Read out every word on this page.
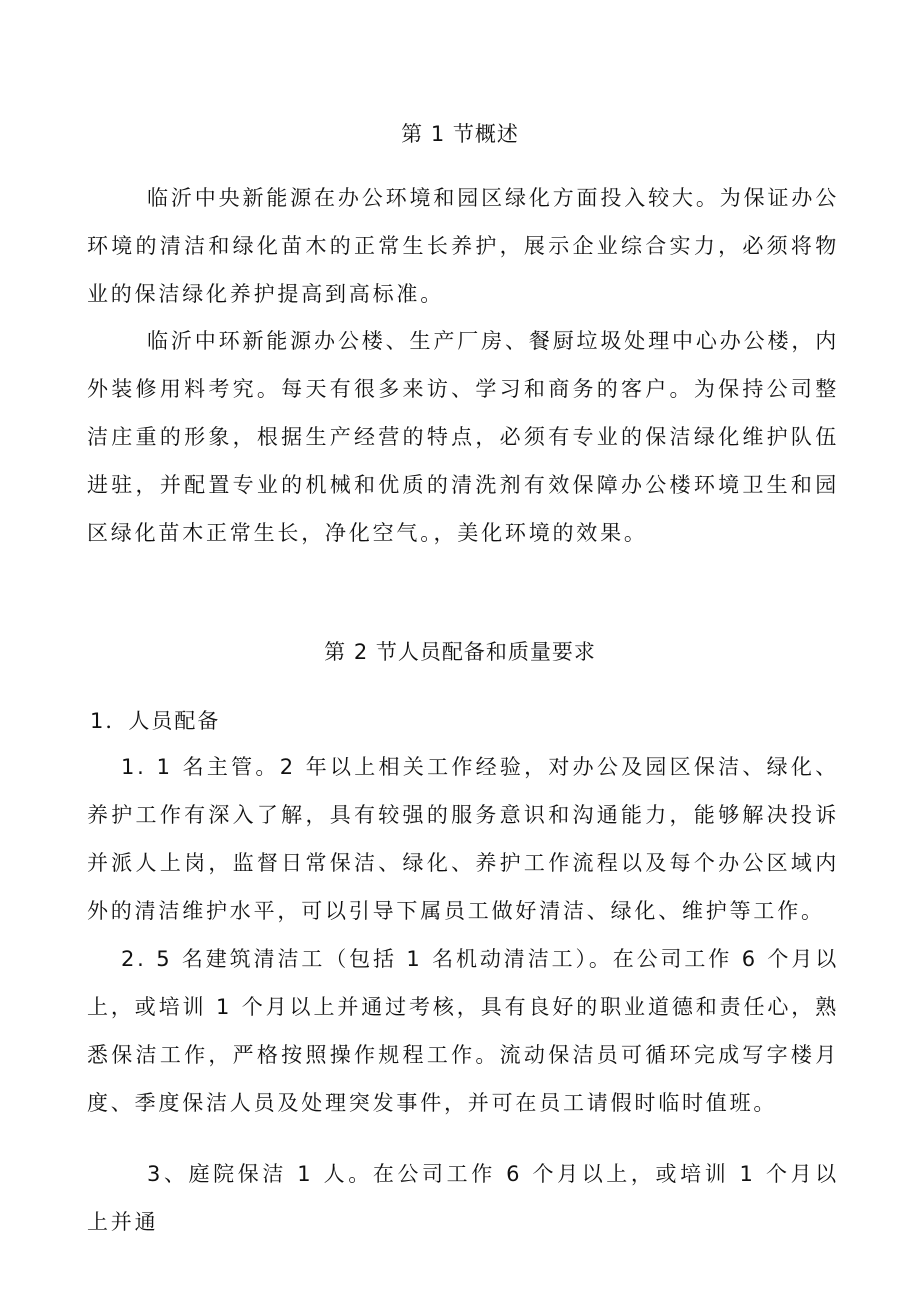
第 1 节概述

临沂中央新能源在办公环境和园区绿化方面投入较大。为保证办公环境的清洁和绿化苗木的正常生长养护，展示企业综合实力，必须将物业的保洁绿化养护提高到高标准。

临沂中环新能源办公楼、生产厂房、餐厨垃圾处理中心办公楼，内外装修用料考究。每天有很多来访、学习和商务的客户。为保持公司整洁庄重的形象，根据生产经营的特点，必须有专业的保洁绿化维护队伍进驻，并配置专业的机械和优质的清洗剂有效保障办公楼环境卫生和园区绿化苗木正常生长，净化空气。，美化环境的效果。

第 2 节人员配备和质量要求

1．人员配备

1. 1 名主管。2 年以上相关工作经验，对办公及园区保洁、绿化、养护工作有深入了解，具有较强的服务意识和沟通能力，能够解决投诉并派人上岗，监督日常保洁、绿化、养护工作流程以及每个办公区域内外的清洁维护水平，可以引导下属员工做好清洁、绿化、维护等工作。

2. 5 名建筑清洁工（包括 1 名机动清洁工）。在公司工作 6 个月以上，或培训 1 个月以上并通过考核，具有良好的职业道德和责任心，熟悉保洁工作，严格按照操作规程工作。流动保洁员可循环完成写字楼月度、季度保洁人员及处理突发事件，并可在员工请假时临时值班。

3、庭院保洁 1 人。在公司工作 6 个月以上，或培训 1 个月以上并通
